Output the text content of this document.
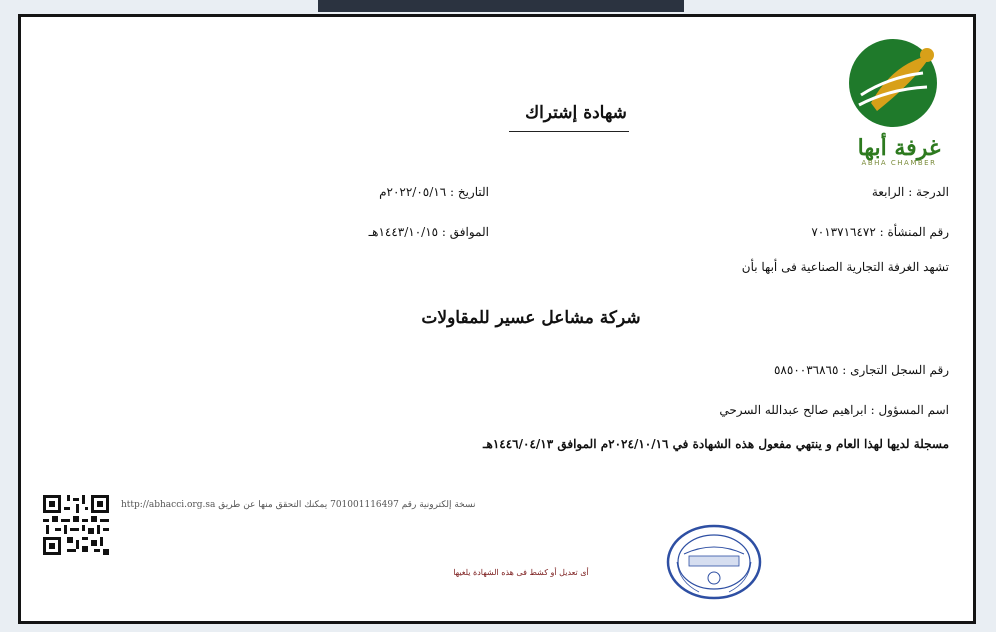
غرفة أبها
ABHA CHAMBER
شهادة إشتراك
الدرجة : الرابعة
التاريخ : ٢٠٢٢/٠٥/١٦م
رقم المنشأة : ٧٠١٣٧١٦٤٧٢
الموافق : ١٤٤٣/١٠/١٥هـ
تشهد الغرفة التجارية الصناعية فى أبها بأن
شركة مشاعل عسير للمقاولات
رقم السجل التجارى : ٥٨٥٠٠٣٦٨٦٥
اسم المسؤول : ابراهيم صالح عبدالله السرحي
مسجلة لديها لهذا العام و ينتهي مفعول هذه الشهادة في ٢٠٢٤/١٠/١٦م الموافق ١٤٤٦/٠٤/١٣هـ
http://abhacci.org.sa نسخة إلكترونية رقم 701001116497 يمكنك التحقق منها عن طريق
أى تعديل أو كشط فى هذه الشهادة يلغيها
